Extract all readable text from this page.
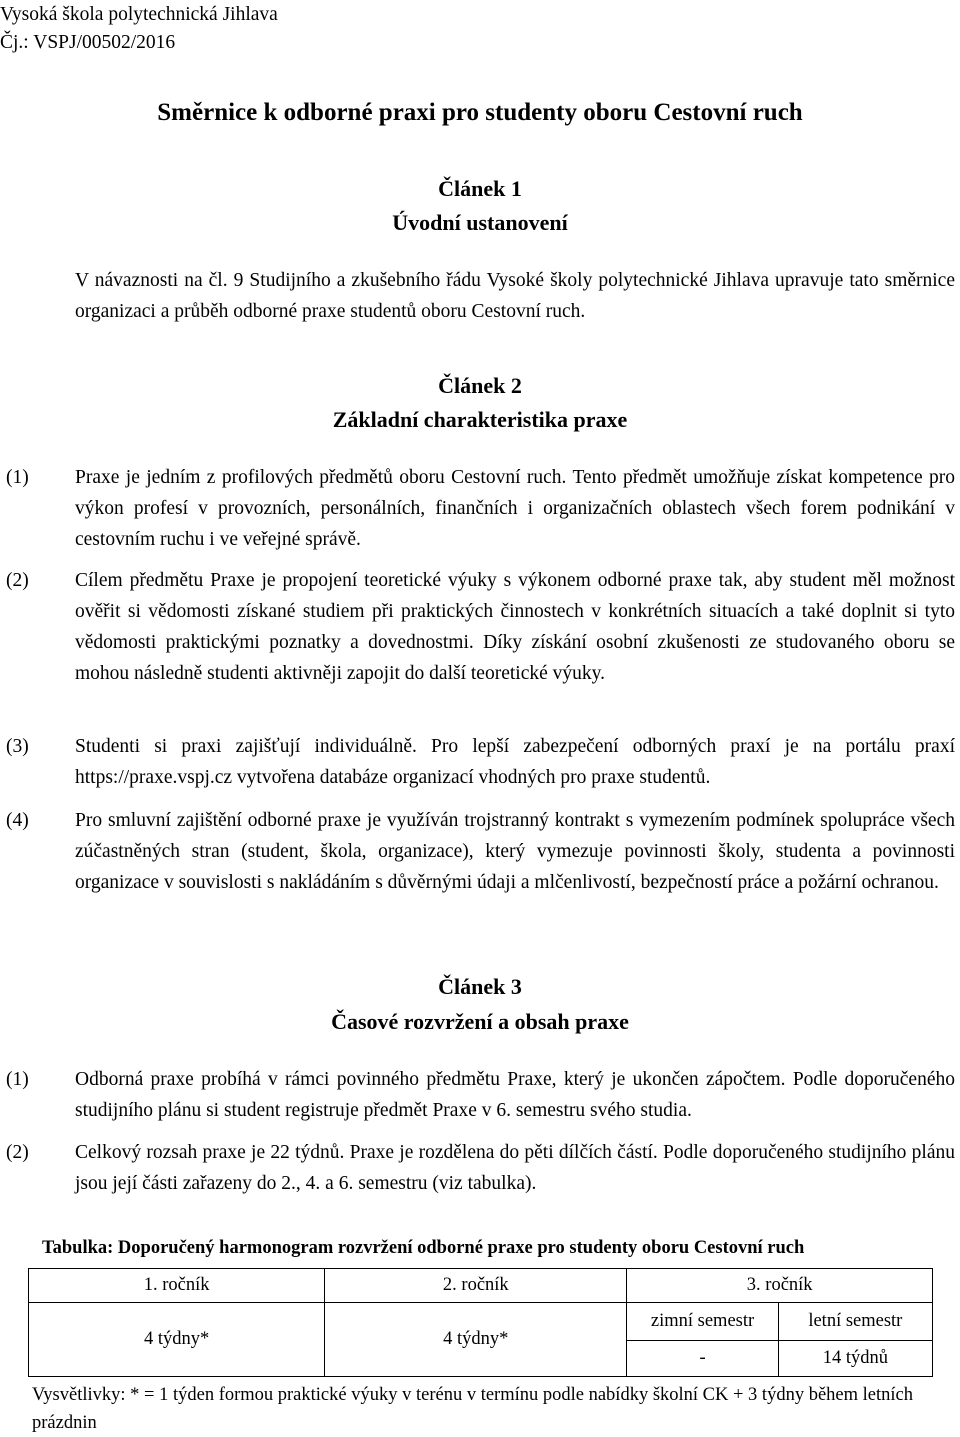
Vysoká škola polytechnická Jihlava
Čj.: VSPJ/00502/2016
Směrnice k odborné praxi pro studenty oboru Cestovní ruch
Článek 1
Úvodní ustanovení
V návaznosti na čl. 9 Studijního a zkušebního řádu Vysoké školy polytechnické Jihlava upravuje tato směrnice organizaci a průběh odborné praxe studentů oboru Cestovní ruch.
Článek 2
Základní charakteristika praxe
(1) Praxe je jedním z profilových předmětů oboru Cestovní ruch. Tento předmět umožňuje získat kompetence pro výkon profesí v provozních, personálních, finančních i organizačních oblastech všech forem podnikání v cestovním ruchu i ve veřejné správě.
(2) Cílem předmětu Praxe je propojení teoretické výuky s výkonem odborné praxe tak, aby student měl možnost ověřit si vědomosti získané studiem při praktických činnostech v konkrétních situacích a také doplnit si tyto vědomosti praktickými poznatky a dovednostmi. Díky získání osobní zkušenosti ze studovaného oboru se mohou následně studenti aktivněji zapojit do další teoretické výuky.
(3) Studenti si praxi zajišťují individuálně. Pro lepší zabezpečení odborných praxí je na portálu praxí https://praxe.vspj.cz vytvořena databáze organizací vhodných pro praxe studentů.
(4) Pro smluvní zajištění odborné praxe je využíván trojstranný kontrakt s vymezením podmínek spolupráce všech zúčastněných stran (student, škola, organizace), který vymezuje povinnosti školy, studenta a povinnosti organizace v souvislosti s nakládáním s důvěrnými údaji a mlčenlivostí, bezpečností práce a požární ochranou.
Článek 3
Časové rozvržení a obsah praxe
(1) Odborná praxe probíhá v rámci povinného předmětu Praxe, který je ukončen zápočtem. Podle doporučeného studijního plánu si student registruje předmět Praxe v 6. semestru svého studia.
(2) Celkový rozsah praxe je 22 týdnů. Praxe je rozdělena do pěti dílčích částí. Podle doporučeného studijního plánu jsou její části zařazeny do 2., 4. a 6. semestru (viz tabulka).
Tabulka: Doporučený harmonogram rozvržení odborné praxe pro studenty oboru Cestovní ruch
1. ročník	2. ročník	3. ročník	
4 týdny*	4 týdny*	zimní semestr	letní semestr
		-	14 týdnů
Vysvětlivky: * = 1 týden formou praktické výuky v terénu v termínu podle nabídky školní CK + 3 týdny během letních prázdnin
